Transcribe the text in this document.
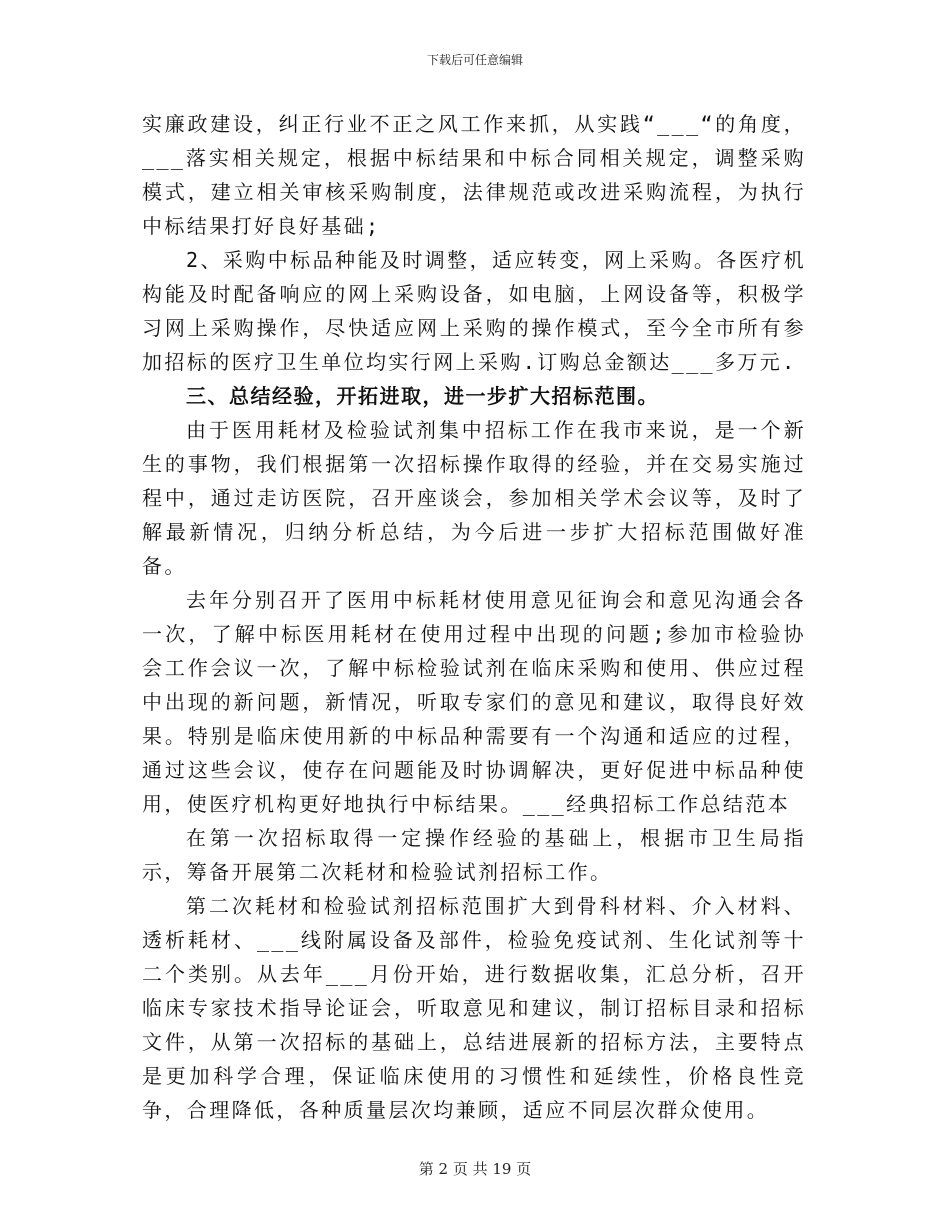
下载后可任意编辑

实廉政建设，纠正行业不正之风工作来抓，从实践“___“的角度，___落实相关规定，根据中标结果和中标合同相关规定，调整采购模式，建立相关审核采购制度，法律规范或改进采购流程，为执行中标结果打好良好基础;

2、采购中标品种能及时调整，适应转变，网上采购。各医疗机构能及时配备响应的网上采购设备，如电脑，上网设备等，积极学习网上采购操作，尽快适应网上采购的操作模式，至今全市所有参加招标的医疗卫生单位均实行网上采购.订购总金额达___多万元.

三、总结经验，开拓进取，进一步扩大招标范围。

由于医用耗材及检验试剂集中招标工作在我市来说，是一个新生的事物，我们根据第一次招标操作取得的经验，并在交易实施过程中，通过走访医院，召开座谈会，参加相关学术会议等，及时了解最新情况，归纳分析总结，为今后进一步扩大招标范围做好准备。

去年分别召开了医用中标耗材使用意见征询会和意见沟通会各一次，了解中标医用耗材在使用过程中出现的问题;参加市检验协会工作会议一次，了解中标检验试剂在临床采购和使用、供应过程中出现的新问题，新情况，听取专家们的意见和建议，取得良好效果。特别是临床使用新的中标品种需要有一个沟通和适应的过程，通过这些会议，使存在问题能及时协调解决，更好促进中标品种使用，使医疗机构更好地执行中标结果。___经典招标工作总结范本

在第一次招标取得一定操作经验的基础上，根据市卫生局指示，筹备开展第二次耗材和检验试剂招标工作。

第二次耗材和检验试剂招标范围扩大到骨科材料、介入材料、透析耗材、___线附属设备及部件，检验免疫试剂、生化试剂等十二个类别。从去年___月份开始，进行数据收集，汇总分析，召开临床专家技术指导论证会，听取意见和建议，制订招标目录和招标文件，从第一次招标的基础上，总结进展新的招标方法，主要特点是更加科学合理，保证临床使用的习惯性和延续性，价格良性竞争，合理降低，各种质量层次均兼顾，适应不同层次群众使用。

第 2 页 共 19 页
